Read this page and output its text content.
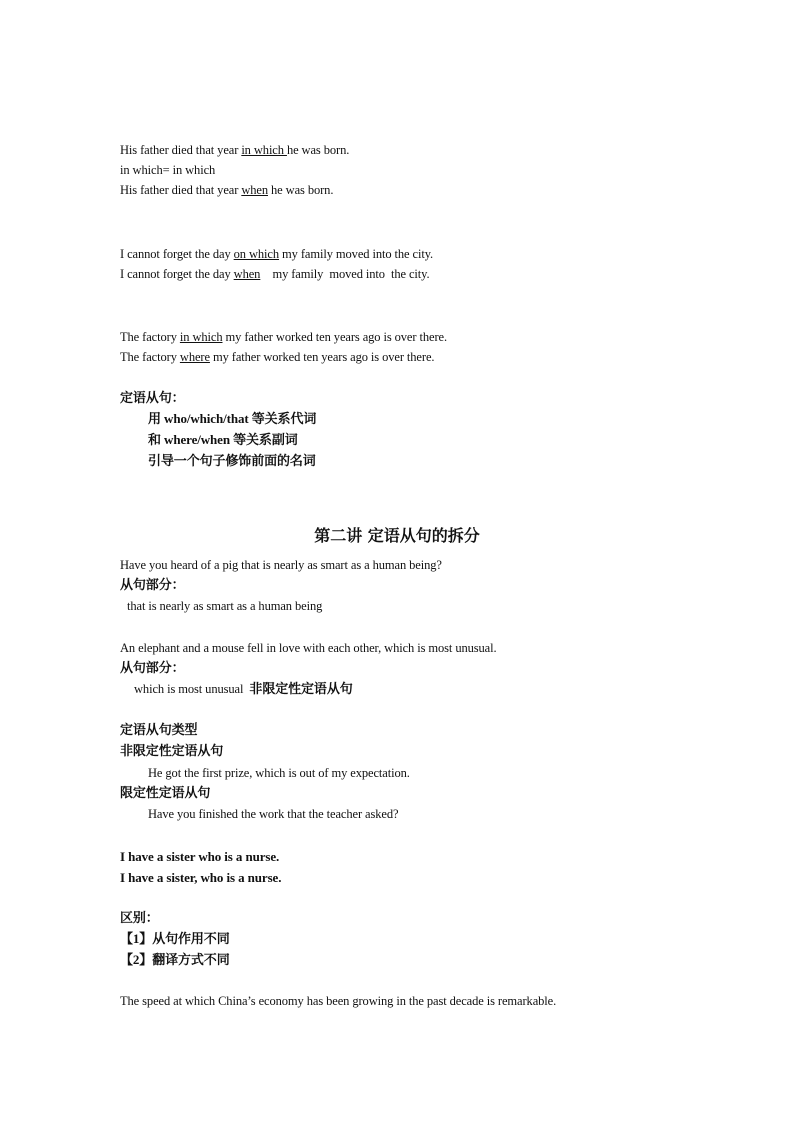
His father died that year in which he was born.
in which= in which
His father died that year when he was born.
I cannot forget the day on which my family moved into the city.
I cannot forget the day when    my family  moved into  the city.
The factory in which my father worked ten years ago is over there.
The factory where my father worked ten years ago is over there.
定语从句：
用 who/which/that 等关系代词
和 where/when 等关系副词
引导一个句子修饰前面的名词
第二讲 定语从句的拆分
Have you heard of a pig that is nearly as smart as a human being?
从句部分：
that is nearly as smart as a human being
An elephant and a mouse fell in love with each other, which is most unusual.
从句部分：
which is most unusual 非限定性定语从句
定语从句类型
非限定性定语从句
He got the first prize, which is out of my expectation.
限定性定语从句
Have you finished the work that the teacher asked?
I have a sister who is a nurse.
I have a sister, who is a nurse.
区别：
【1】从句作用不同
【2】翻译方式不同
The speed at which China’s economy has been growing in the past decade is remarkable.
